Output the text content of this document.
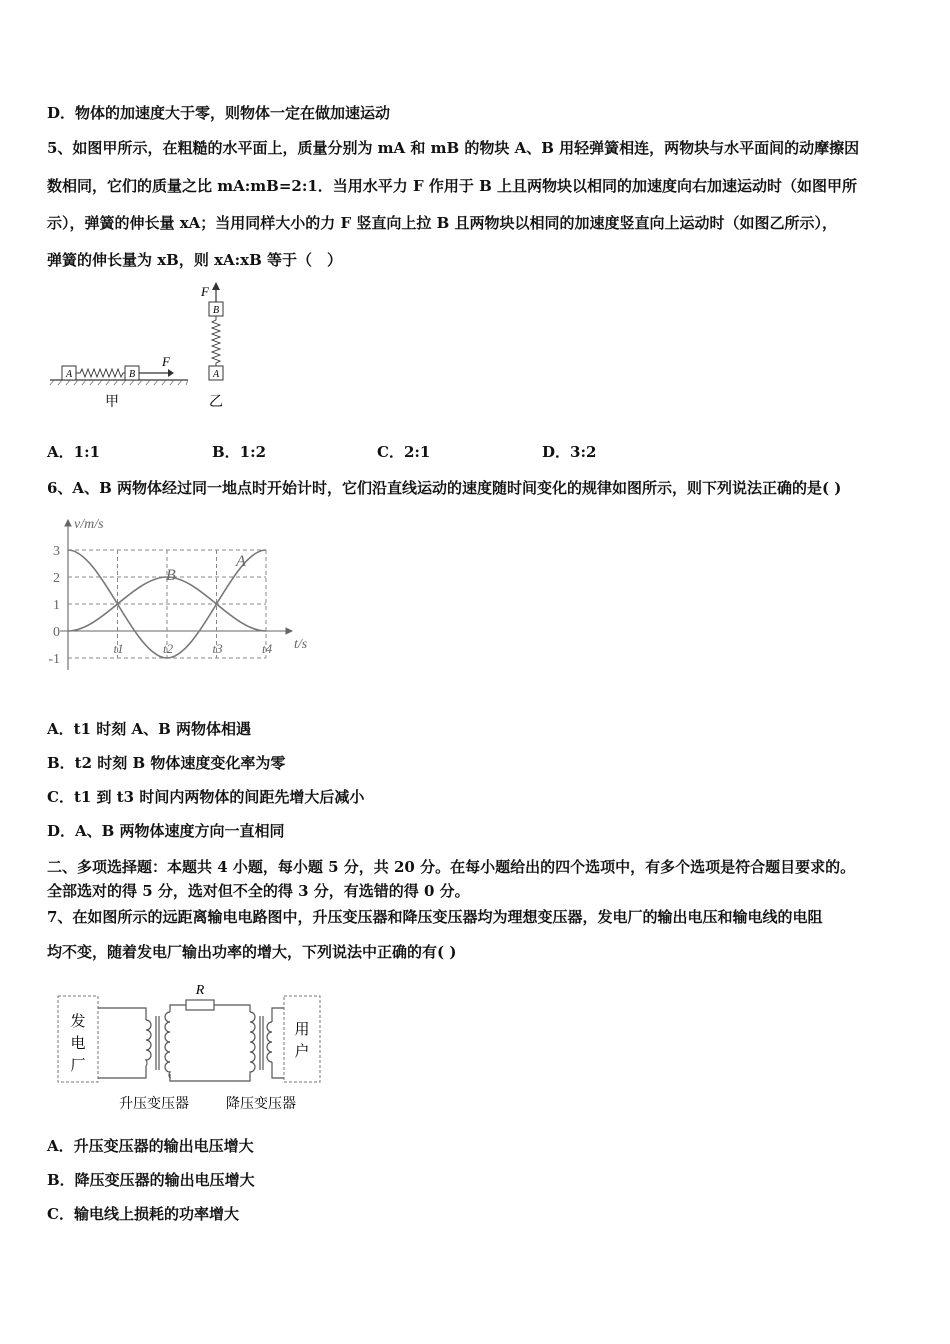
D．物体的加速度大于零，则物体一定在做加速运动
5、如图甲所示，在粗糙的水平面上，质量分别为 mA 和 mB 的物块 A、B 用轻弹簧相连，两物块与水平面间的动摩擦因
数相同，它们的质量之比 mA:mB=2:1．当用水平力 F 作用于 B 上且两物块以相同的加速度向右加速运动时（如图甲所
示），弹簧的伸长量 xA；当用同样大小的力 F 竖直向上拉 B 且两物块以相同的加速度竖直向上运动时（如图乙所示），
弹簧的伸长量为 xB，则 xA:xB 等于（　）
A	B
F
甲
F
B
A
乙
A．1:1	B．1:2	C．2:1	D．3:2
6、A、B 两物体经过同一地点时开始计时，它们沿直线运动的速度随时间变化的规律如图所示，则下列说法正确的是( )
v/m/s
t/s
3
2
1
0
-1
t1	t2	t3	t4
A
B
A．t1 时刻 A、B 两物体相遇
B．t2 时刻 B 物体速度变化率为零
C．t1 到 t3 时间内两物体的间距先增大后减小
D．A、B 两物体速度方向一直相同
二、多项选择题：本题共 4 小题，每小题 5 分，共 20 分。在每小题给出的四个选项中，有多个选项是符合题目要求的。
全部选对的得 5 分，选对但不全的得 3 分，有选错的得 0 分。
7、在如图所示的远距离输电电路图中，升压变压器和降压变压器均为理想变压器，发电厂的输出电压和输电线的电阻
均不变，随着发电厂输出功率的增大，下列说法中正确的有( )
发
电
厂
用
户
R
升压变压器	降压变压器
A．升压变压器的输出电压增大
B．降压变压器的输出电压增大
C．输电线上损耗的功率增大
